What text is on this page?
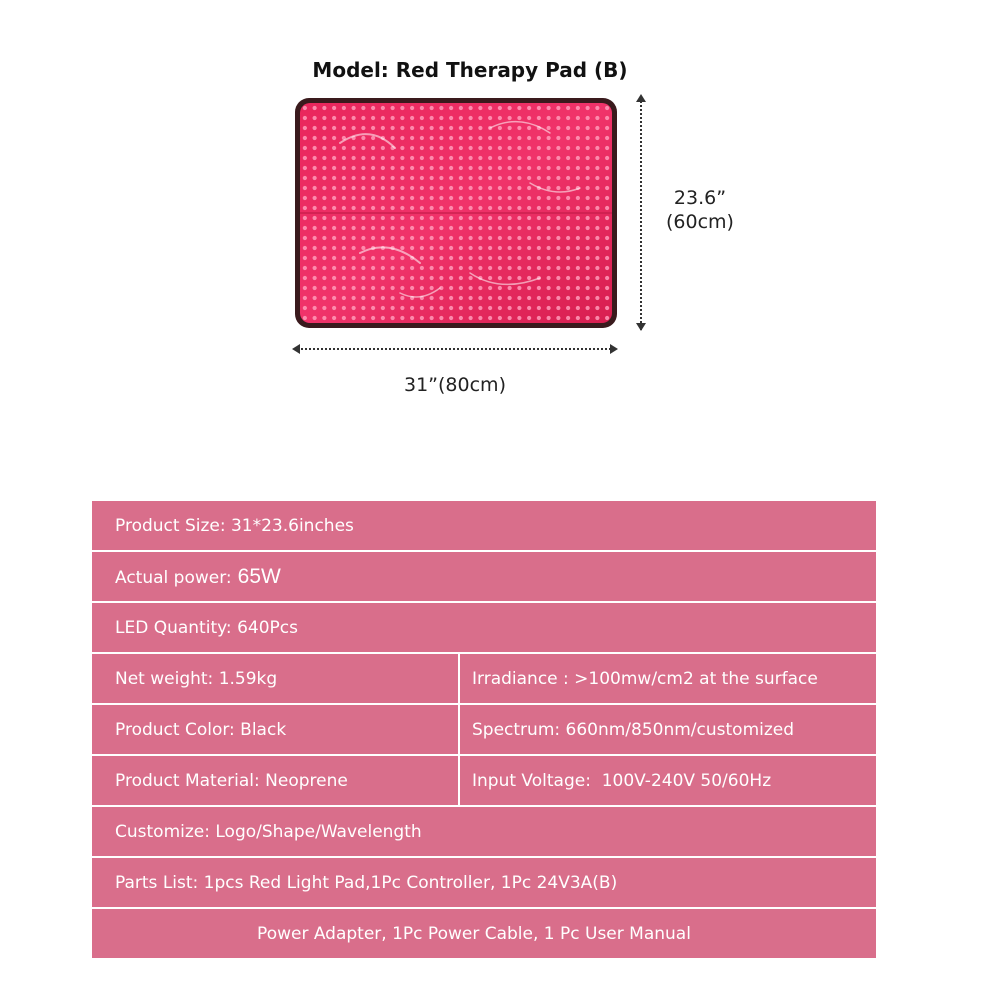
Model: Red Therapy Pad (B)
23.6”
(60cm)
31”(80cm)
Product Size: 31*23.6inches
Actual power: 65W
LED Quantity: 640Pcs
Net weight: 1.59kg	Irradiance : >100mw/cm2 at the surface
Product Color: Black	Spectrum: 660nm/850nm/customized
Product Material: Neoprene	Input Voltage:  100V-240V 50/60Hz
Customize: Logo/Shape/Wavelength
Parts List: 1pcs Red Light Pad,1Pc Controller, 1Pc 24V3A(B)
Power Adapter, 1Pc Power Cable, 1 Pc User Manual
